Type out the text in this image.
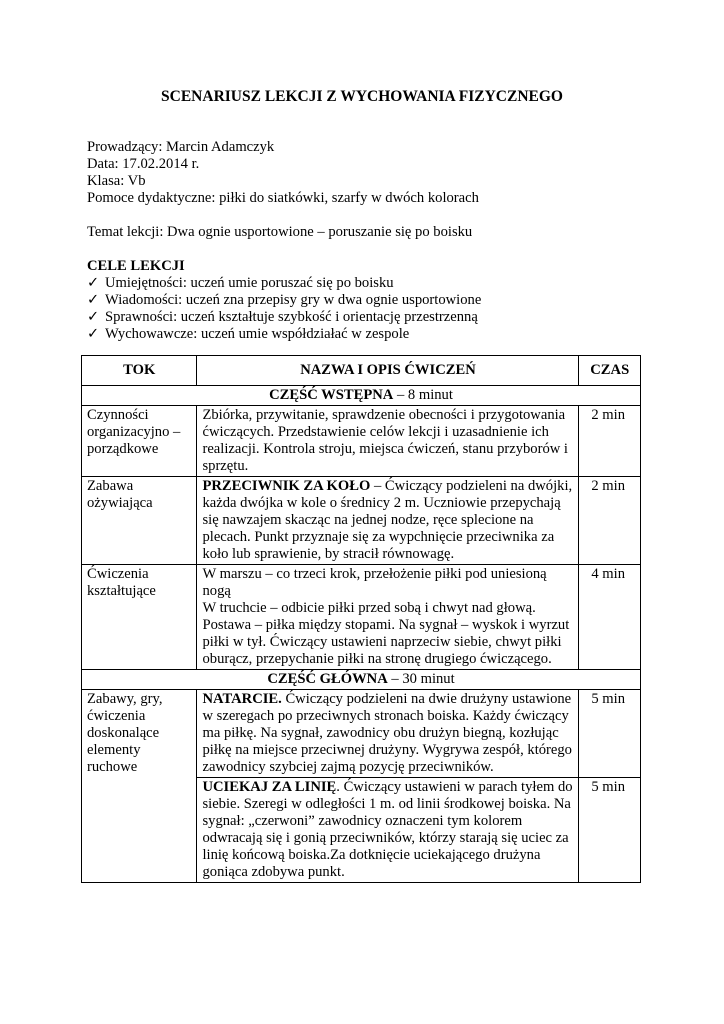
SCENARIUSZ LEKCJI Z WYCHOWANIA FIZYCZNEGO
Prowadzący: Marcin Adamczyk
Data: 17.02.2014 r.
Klasa: Vb
Pomoce dydaktyczne: piłki do siatkówki, szarfy w dwóch kolorach
Temat lekcji: Dwa ognie usportowione – poruszanie się po boisku
CELE LEKCJI
✓ Umiejętności: uczeń umie poruszać się po boisku
✓ Wiadomości: uczeń zna przepisy gry w dwa ognie usportowione
✓ Sprawności: uczeń kształtuje szybkość i orientację przestrzenną
✓ Wychowawcze: uczeń umie współdziałać w zespole
TOK	NAZWA I OPIS ĆWICZEŃ	CZAS
CZĘŚĆ WSTĘPNA – 8 minut		
Czynności organizacyjno – porządkowe	Zbiórka, przywitanie, sprawdzenie obecności i przygotowania ćwiczących. Przedstawienie celów lekcji i uzasadnienie ich realizacji. Kontrola stroju, miejsca ćwiczeń, stanu przyborów i sprzętu.	2 min
Zabawa ożywiająca	PRZECIWNIK ZA KOŁO – Ćwiczący podzieleni na dwójki, każda dwójka w kole o średnicy 2 m. Uczniowie przepychają się nawzajem skacząc na jednej nodze, ręce splecione na plecach. Punkt przyznaje się za wypchnięcie przeciwnika za koło lub sprawienie, by stracił równowagę.	2 min
Ćwiczenia kształtujące	W marszu – co trzeci krok, przełożenie piłki pod uniesioną nogą
W truchcie – odbicie piłki przed sobą i chwyt nad głową.
Postawa – piłka między stopami. Na sygnał – wyskok i wyrzut piłki w tył. Ćwiczący ustawieni naprzeciw siebie, chwyt piłki oburącz, przepychanie piłki na stronę drugiego ćwiczącego.	4 min
CZĘŚĆ GŁÓWNA – 30 minut		
Zabawy, gry, ćwiczenia doskonalące elementy ruchowe	NATARCIE. Ćwiczący podzieleni na dwie drużyny ustawione w szeregach po przeciwnych stronach boiska. Każdy ćwiczący ma piłkę. Na sygnał, zawodnicy obu drużyn biegną, kozłując piłkę na miejsce przeciwnej drużyny. Wygrywa zespół, którego zawodnicy szybciej zajmą pozycję przeciwników.	5 min
	UCIEKAJ ZA LINIĘ. Ćwiczący ustawieni w parach tyłem do siebie. Szeregi w odległości 1 m. od linii środkowej boiska. Na sygnał: „czerwoni” zawodnicy oznaczeni tym kolorem odwracają się i gonią przeciwników, którzy starają się uciec za linię końcową boiska.Za dotknięcie uciekającego drużyna goniąca zdobywa punkt.	5 min
